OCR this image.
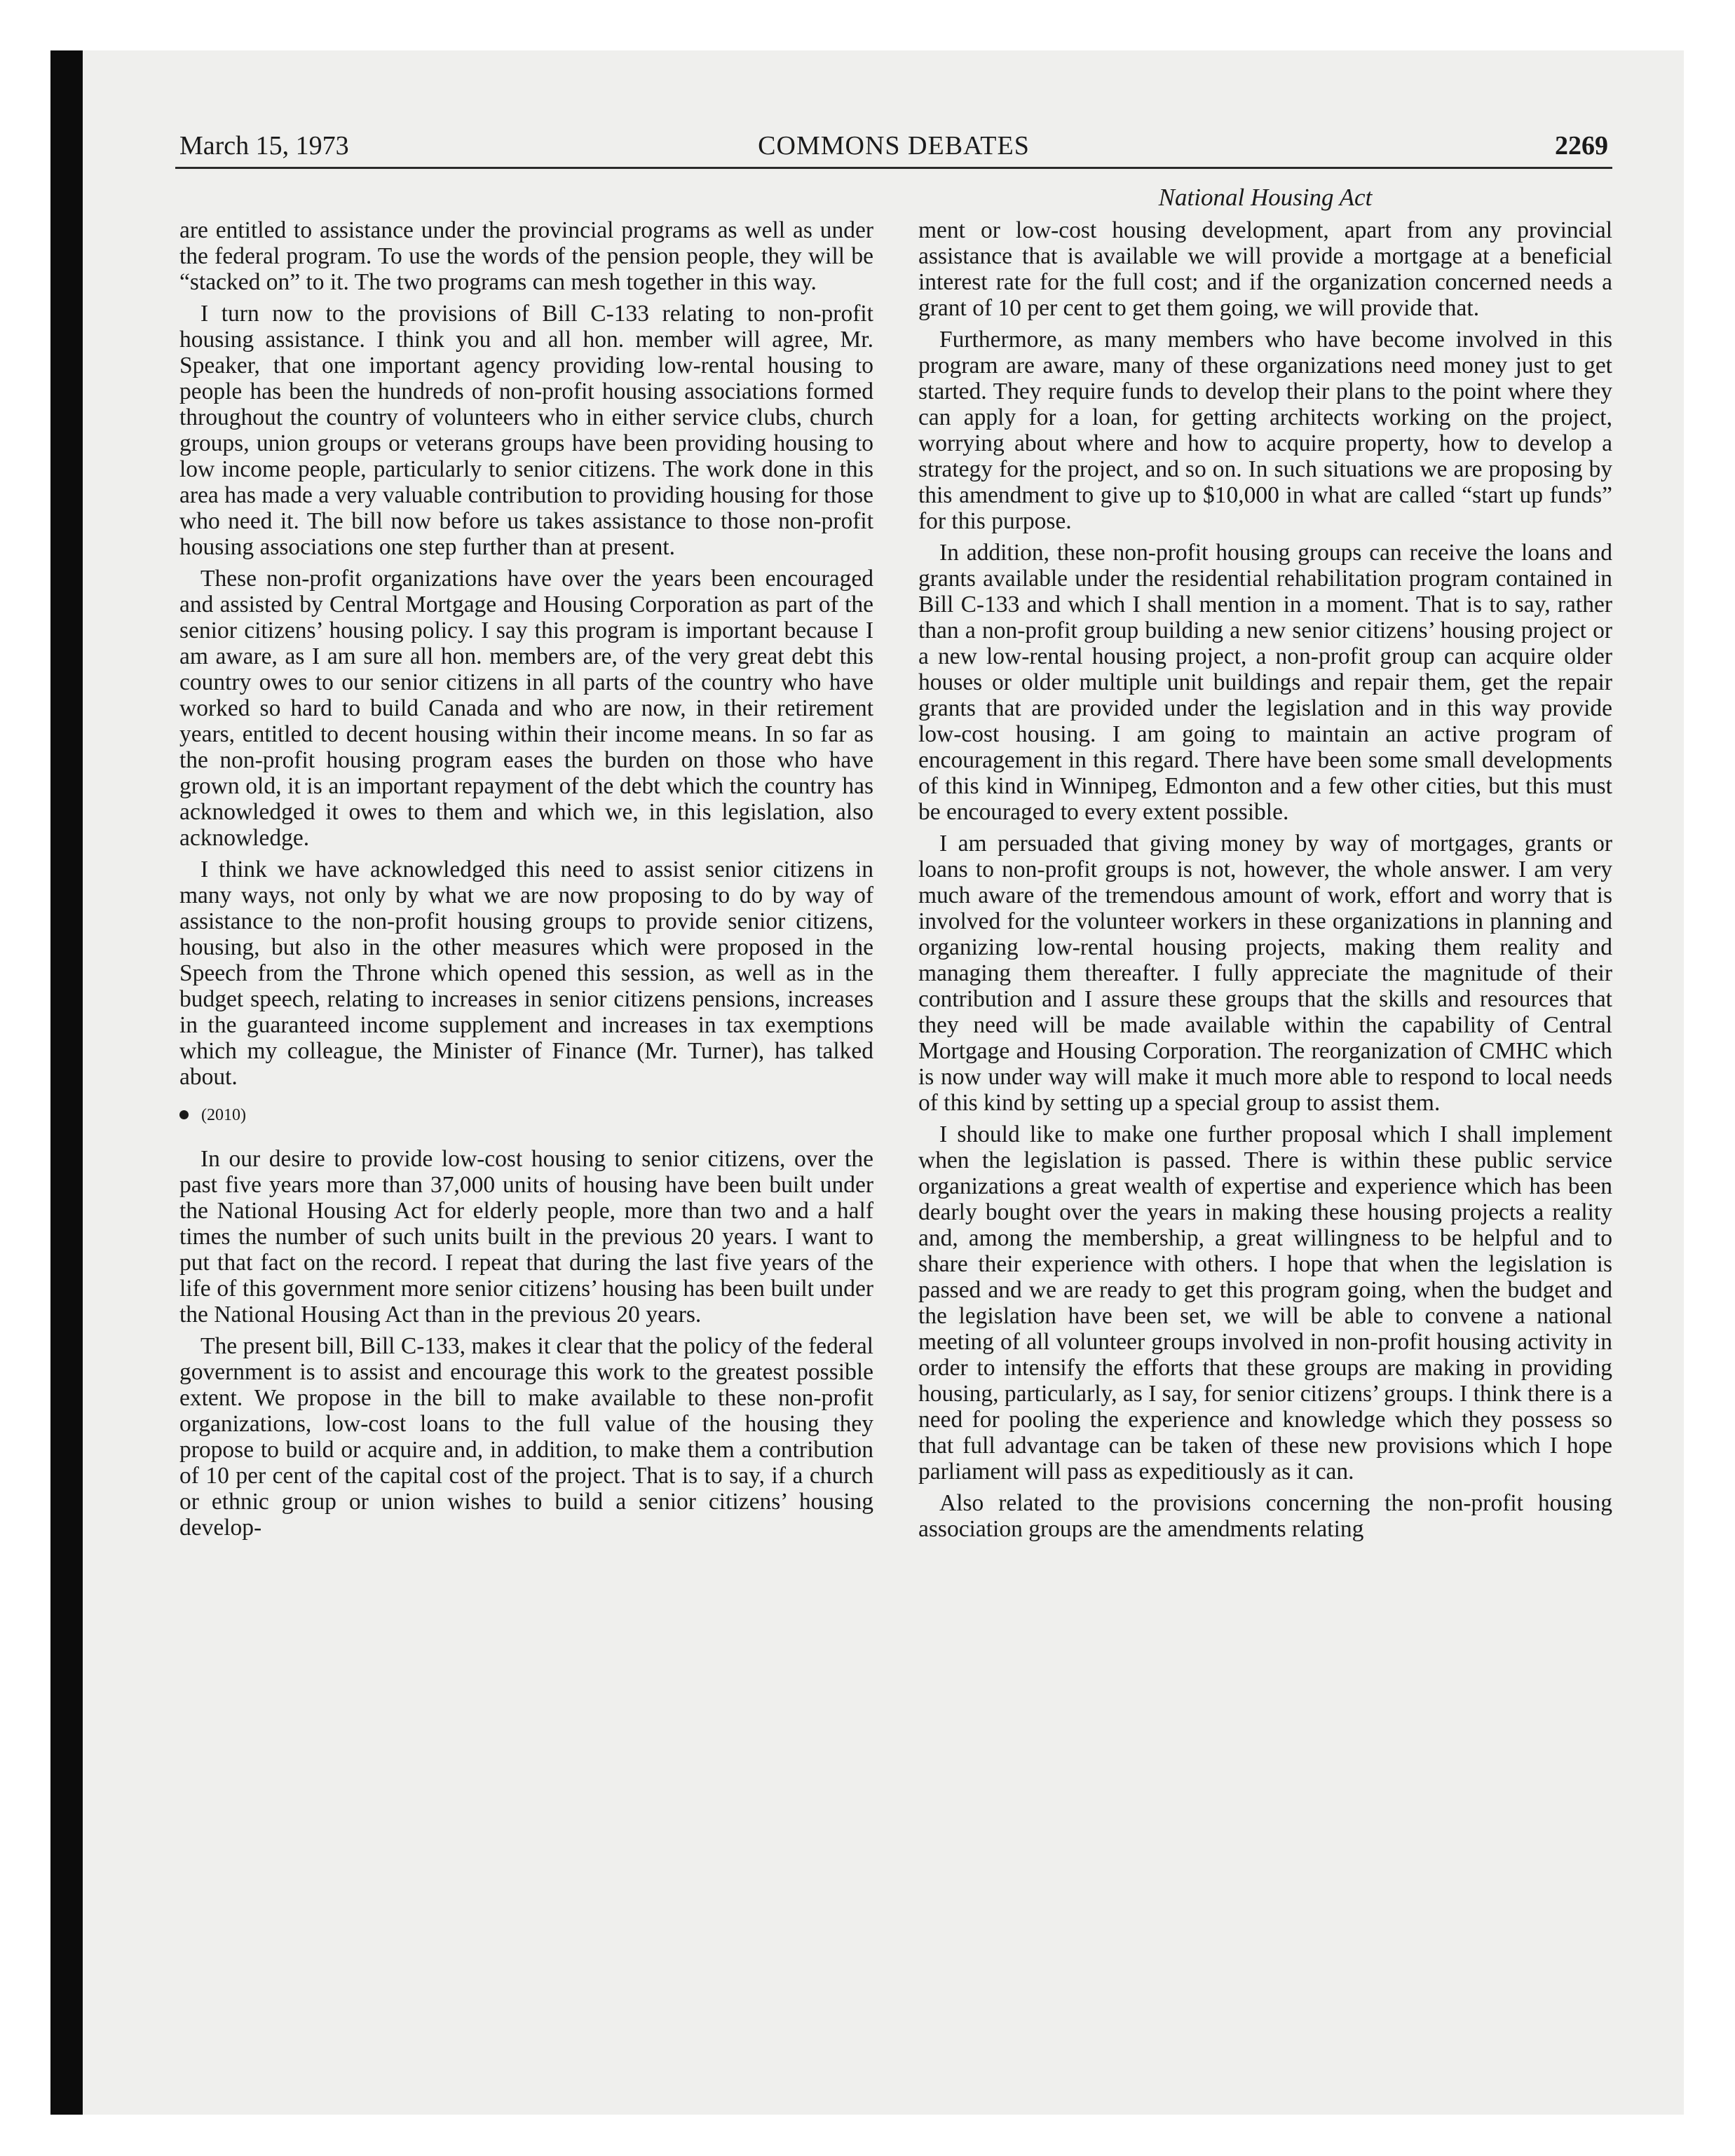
March 15, 1973	COMMONS DEBATES	2269
National Housing Act

are entitled to assistance under the provincial programs as well as under the federal program. To use the words of the pension people, they will be “stacked on” to it. The two programs can mesh together in this way.

I turn now to the provisions of Bill C-133 relating to non-profit housing assistance. I think you and all hon. member will agree, Mr. Speaker, that one important agency providing low-rental housing to people has been the hundreds of non-profit housing associations formed throughout the country of volunteers who in either service clubs, church groups, union groups or veterans groups have been providing housing to low income people, particularly to senior citizens. The work done in this area has made a very valuable contribution to providing housing for those who need it. The bill now before us takes assistance to those non-profit housing associations one step further than at present.

These non-profit organizations have over the years been encouraged and assisted by Central Mortgage and Housing Corporation as part of the senior citizens’ housing policy. I say this program is important because I am aware, as I am sure all hon. members are, of the very great debt this country owes to our senior citizens in all parts of the country who have worked so hard to build Canada and who are now, in their retirement years, entitled to decent housing within their income means. In so far as the non-profit housing program eases the burden on those who have grown old, it is an important repayment of the debt which the country has acknowledged it owes to them and which we, in this legislation, also acknowledge.

I think we have acknowledged this need to assist senior citizens in many ways, not only by what we are now proposing to do by way of assistance to the non-profit housing groups to provide senior citizens, housing, but also in the other measures which were proposed in the Speech from the Throne which opened this session, as well as in the budget speech, relating to increases in senior citizens pensions, increases in the guaranteed income supplement and increases in tax exemptions which my colleague, the Minister of Finance (Mr. Turner), has talked about.

(2010)

In our desire to provide low-cost housing to senior citizens, over the past five years more than 37,000 units of housing have been built under the National Housing Act for elderly people, more than two and a half times the number of such units built in the previous 20 years. I want to put that fact on the record. I repeat that during the last five years of the life of this government more senior citizens’ housing has been built under the National Housing Act than in the previous 20 years.

The present bill, Bill C-133, makes it clear that the policy of the federal government is to assist and encourage this work to the greatest possible extent. We propose in the bill to make available to these non-profit organizations, low-cost loans to the full value of the housing they propose to build or acquire and, in addition, to make them a contribution of 10 per cent of the capital cost of the project. That is to say, if a church or ethnic group or union wishes to build a senior citizens’ housing develop-

ment or low-cost housing development, apart from any provincial assistance that is available we will provide a mortgage at a beneficial interest rate for the full cost; and if the organization concerned needs a grant of 10 per cent to get them going, we will provide that.

Furthermore, as many members who have become involved in this program are aware, many of these organizations need money just to get started. They require funds to develop their plans to the point where they can apply for a loan, for getting architects working on the project, worrying about where and how to acquire property, how to develop a strategy for the project, and so on. In such situations we are proposing by this amendment to give up to $10,000 in what are called “start up funds” for this purpose.

In addition, these non-profit housing groups can receive the loans and grants available under the residential rehabilitation program contained in Bill C-133 and which I shall mention in a moment. That is to say, rather than a non-profit group building a new senior citizens’ housing project or a new low-rental housing project, a non-profit group can acquire older houses or older multiple unit buildings and repair them, get the repair grants that are provided under the legislation and in this way provide low-cost housing. I am going to maintain an active program of encouragement in this regard. There have been some small developments of this kind in Winnipeg, Edmonton and a few other cities, but this must be encouraged to every extent possible.

I am persuaded that giving money by way of mortgages, grants or loans to non-profit groups is not, however, the whole answer. I am very much aware of the tremendous amount of work, effort and worry that is involved for the volunteer workers in these organizations in planning and organizing low-rental housing projects, making them reality and managing them thereafter. I fully appreciate the magnitude of their contribution and I assure these groups that the skills and resources that they need will be made available within the capability of Central Mortgage and Housing Corporation. The reorganization of CMHC which is now under way will make it much more able to respond to local needs of this kind by setting up a special group to assist them.

I should like to make one further proposal which I shall implement when the legislation is passed. There is within these public service organizations a great wealth of expertise and experience which has been dearly bought over the years in making these housing projects a reality and, among the membership, a great willingness to be helpful and to share their experience with others. I hope that when the legislation is passed and we are ready to get this program going, when the budget and the legislation have been set, we will be able to convene a national meeting of all volunteer groups involved in non-profit housing activity in order to intensify the efforts that these groups are making in providing housing, particularly, as I say, for senior citizens’ groups. I think there is a need for pooling the experience and knowledge which they possess so that full advantage can be taken of these new provisions which I hope parliament will pass as expeditiously as it can.

Also related to the provisions concerning the non-profit housing association groups are the amendments relating
